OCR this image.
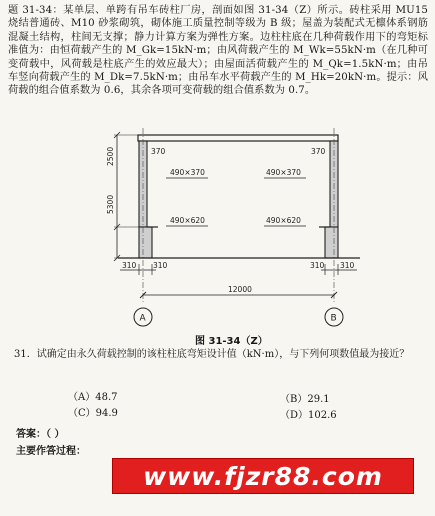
题 31-34：某单层、单跨有吊车砖柱厂房，剖面如图 31-34（Z）所示。砖柱采用 MU15 烧结普通砖、M10 砂浆砌筑，砌体施工质量控制等级为 B 级；屋盖为装配式无檩体系钢筋混凝土结构，柱间无支撑；静力计算方案为弹性方案。边柱柱底在几种荷载作用下的弯矩标准值为：由恒荷载产生的 M_Gk=15kN·m；由风荷载产生的 M_Wk=55kN·m（在几种可变荷载中，风荷载是柱底产生的效应最大）；由屋面活荷载产生的 M_Qk=1.5kN·m；由吊车竖向荷载产生的 M_Dk=7.5kN·m；由吊车水平荷载产生的 M_Hk=20kN·m。提示：风荷载的组合值系数为 0.6，其余各项可变荷载的组合值系数为 0.7。
2500
5300
370	370
490×370	490×370
490×620	490×620
310 310	310 310
12000
A	B
图 31-34（Z）
31．试确定由永久荷载控制的该柱柱底弯矩设计值（kN·m），与下列何项数值最为接近？
（A）48.7	（B）29.1
（C）94.9	（D）102.6
答案：（ ）
主要作答过程：
www.fjzr88.com
